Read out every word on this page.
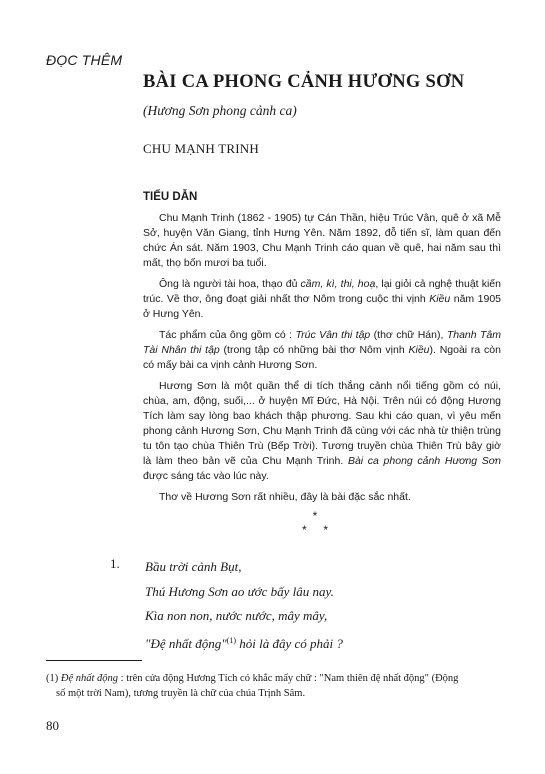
ĐỌC THÊM
BÀI CA PHONG CẢNH HƯƠNG SƠN
(Hương Sơn phong cảnh ca)
CHU MẠNH TRINH
TIỂU DẪN

Chu Mạnh Trinh (1862 - 1905) tự Cán Thần, hiệu Trúc Vân, quê ở xã Mễ Sở, huyện Văn Giang, tỉnh Hưng Yên. Năm 1892, đỗ tiến sĩ, làm quan đến chức Án sát. Năm 1903, Chu Mạnh Trinh cáo quan về quê, hai năm sau thì mất, thọ bốn mươi ba tuổi.

Ông là người tài hoa, thạo đủ cầm, kì, thi, hoạ, lại giỏi cả nghệ thuật kiến trúc. Về thơ, ông đoạt giải nhất thơ Nôm trong cuộc thi vịnh Kiều năm 1905 ở Hưng Yên.

Tác phẩm của ông gồm có : Trúc Vân thi tập (thơ chữ Hán), Thanh Tâm Tài Nhân thi tập (trong tập có những bài thơ Nôm vịnh Kiều). Ngoài ra còn có mấy bài ca vịnh cảnh Hương Sơn.

Hương Sơn là một quần thể di tích thắng cảnh nổi tiếng gồm có núi, chùa, am, động, suối,... ở huyện Mĩ Đức, Hà Nội. Trên núi có động Hương Tích làm say lòng bao khách thập phương. Sau khi cáo quan, vì yêu mến phong cảnh Hương Sơn, Chu Mạnh Trinh đã cùng với các nhà từ thiện trùng tu tôn tạo chùa Thiên Trù (Bếp Trời). Tương truyền chùa Thiên Trù bây giờ là làm theo bản vẽ của Chu Mạnh Trinh. Bài ca phong cảnh Hương Sơn được sáng tác vào lúc này.

Thơ về Hương Sơn rất nhiều, đây là bài đặc sắc nhất.

*
*     *
1. Bầu trời cảnh Bụt,
Thú Hương Sơn ao ước bấy lâu nay.
Kìa non non, nước nước, mây mây,
"Đệ nhất động"$^{(1)}$ hỏi là đây có phải ?
(1) Đệ nhất động : trên cửa động Hương Tích có khắc mấy chữ : "Nam thiên đệ nhất động" (Động
số một trời Nam), tương truyền là chữ của chúa Trịnh Sâm.
80
